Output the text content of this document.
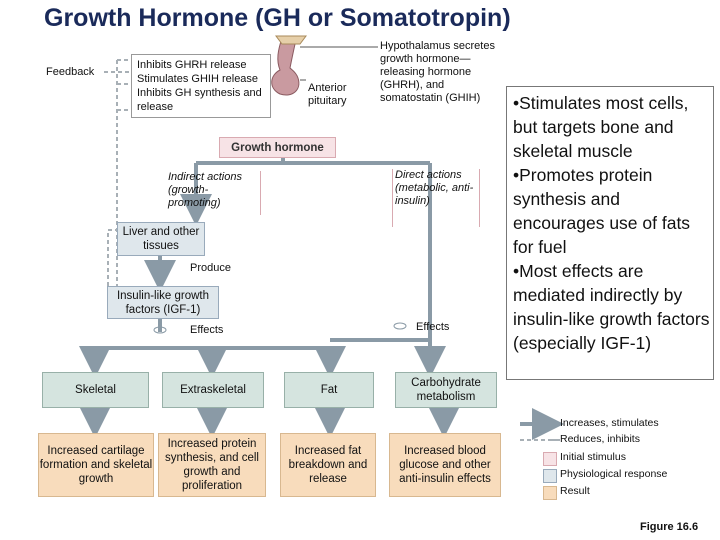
Growth Hormone (GH or Somatotropin)
Feedback
Inhibits GHRH release
Stimulates GHIH release
Inhibits GH synthesis and release
Anterior pituitary
Hypothalamus secretes growth hormone—releasing hormone (GHRH), and somatostatin (GHIH)
Growth hormone
Indirect actions (growth-promoting)
Direct actions (metabolic, anti-insulin)
Liver and other tissues
Produce
Insulin-like growth factors (IGF-1)
Effects	Effects
Skeletal	Extraskeletal	Fat
Carbohydrate metabolism
Increased cartilage formation and skeletal growth
Increased protein synthesis, and cell growth and proliferation
Increased fat breakdown and release
Increased blood glucose and other anti-insulin effects
•Stimulates most cells, but targets bone and skeletal muscle
•Promotes protein synthesis and encourages use of fats for fuel
•Most effects are mediated indirectly by insulin-like growth factors (especially IGF-1)
Increases, stimulates
Reduces, inhibits
Initial stimulus
Physiological response
Result
Figure 16.6
